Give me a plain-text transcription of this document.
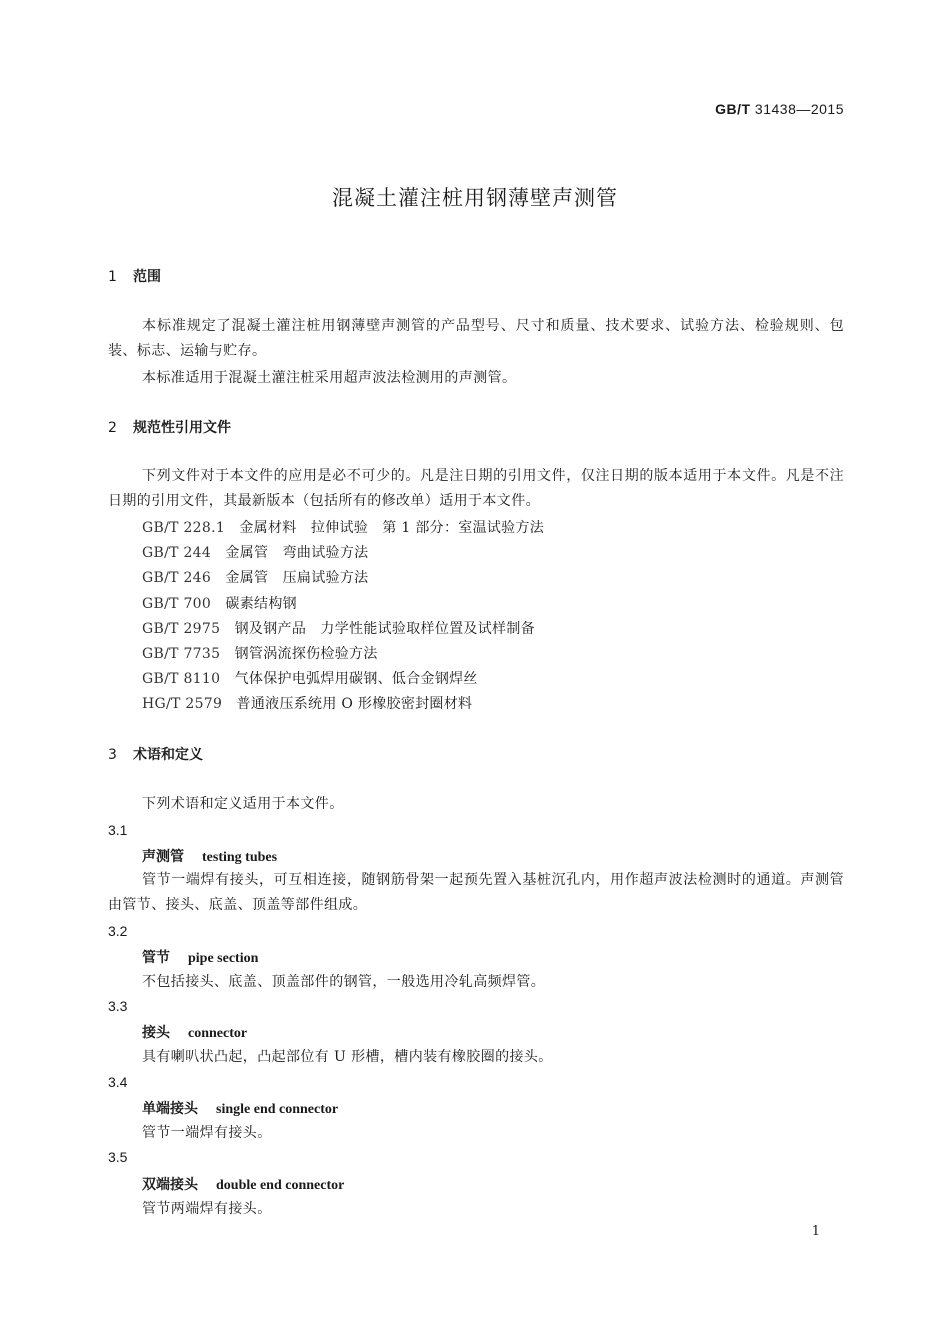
GB/T 31438—2015
混凝土灌注桩用钢薄壁声测管
1 范围
本标准规定了混凝土灌注桩用钢薄壁声测管的产品型号、尺寸和质量、技术要求、试验方法、检验规则、包装、标志、运输与贮存。
本标准适用于混凝土灌注桩采用超声波法检测用的声测管。
2 规范性引用文件
下列文件对于本文件的应用是必不可少的。凡是注日期的引用文件，仅注日期的版本适用于本文件。凡是不注日期的引用文件，其最新版本（包括所有的修改单）适用于本文件。
GB/T 228.1　 金属材料　拉伸试验　第 1 部分：室温试验方法
GB/T 244　 金属管　弯曲试验方法
GB/T 246　 金属管　压扁试验方法
GB/T 700　 碳素结构钢
GB/T 2975　 钢及钢产品　力学性能试验取样位置及试样制备
GB/T 7735　 钢管涡流探伤检验方法
GB/T 8110　 气体保护电弧焊用碳钢、低合金钢焊丝
HG/T 2579　 普通液压系统用 O 形橡胶密封圈材料
3 术语和定义
下列术语和定义适用于本文件。
3.1
声测管 testing tubes
管节一端焊有接头，可互相连接，随钢筋骨架一起预先置入基桩沉孔内，用作超声波法检测时的通道。声测管由管节、接头、底盖、顶盖等部件组成。
3.2
管节 pipe section
不包括接头、底盖、顶盖部件的钢管，一般选用冷轧高频焊管。
3.3
接头 connector
具有喇叭状凸起，凸起部位有 U 形槽，槽内装有橡胶圈的接头。
3.4
单端接头 single end connector
管节一端焊有接头。
3.5
双端接头 double end connector
管节两端焊有接头。
1
